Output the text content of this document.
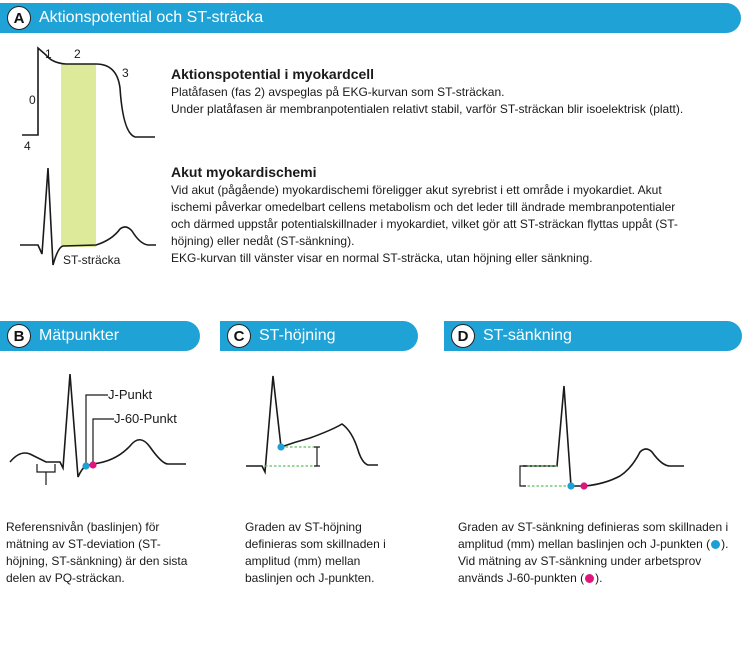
A Aktionspotential och ST-sträcka
0
1 2
3
4
ST-sträcka
Aktionspotential i myokardcell
Platåfasen (fas 2) avspeglas på EKG-kurvan som ST-sträckan.
Under platåfasen är membranpotentialen relativt stabil, varför ST-sträckan blir isoelektrisk (platt).
Akut myokardischemi
Vid akut (pågående) myokardischemi föreligger akut syrebrist i ett område i myokardiet. Akut
ischemi påverkar omedelbart cellens metabolism och det leder till ändrade membranpotentialer
och därmed uppstår potentialskillnader i myokardiet, vilket gör att ST-sträckan flyttas uppåt (ST-
höjning) eller nedåt (ST-sänkning).
EKG-kurvan till vänster visar en normal ST-sträcka, utan höjning eller sänkning.
B Mätpunkter	C ST-höjning	D ST-sänkning
J-Punkt
J-60-Punkt
Referensnivån (baslinjen) för
mätning av ST-deviation (ST-
höjning, ST-sänkning) är den sista
delen av PQ-sträckan.
Graden av ST-höjning
definieras som skillnaden i
amplitud (mm) mellan
baslinjen och J-punkten.
Graden av ST-sänkning definieras som skillnaden i
amplitud (mm) mellan baslinjen och J-punkten ( ).
Vid mätning av ST-sänkning under arbetsprov
används J-60-punkten ( ).
